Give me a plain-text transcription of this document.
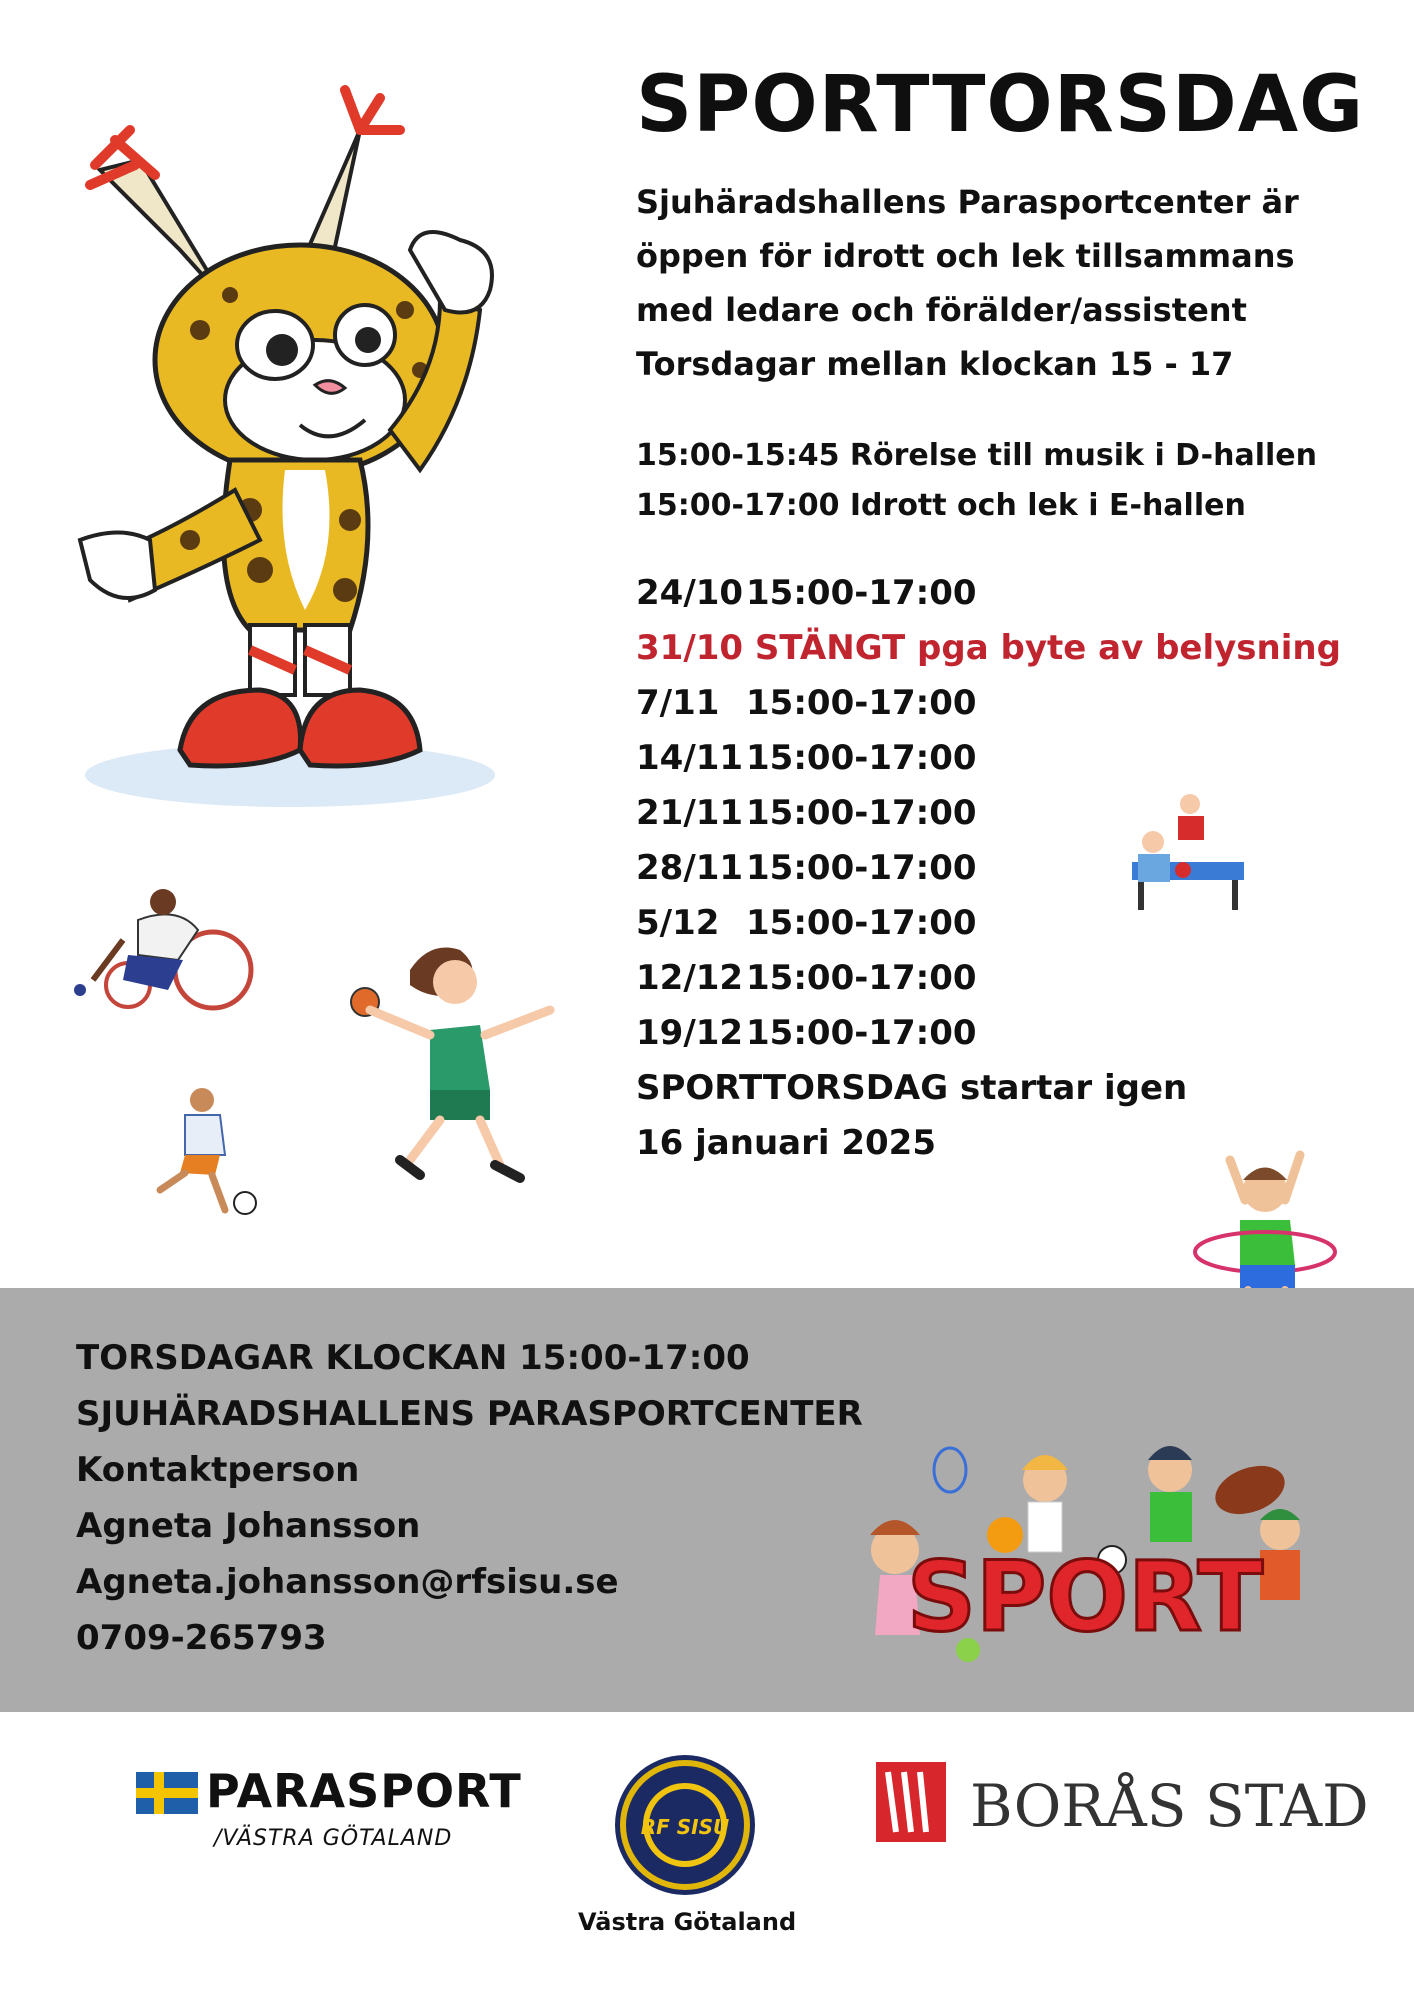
SPORTTORSDAG
Sjuhäradshallens Parasportcenter är
öppen för idrott och lek tillsammans
med ledare och förälder/assistent
Torsdagar mellan klockan 15 - 17
15:00-15:45 Rörelse till musik i D-hallen
15:00-17:00 Idrott och lek i E-hallen
24/1015:00-17:00
31/10 STÄNGT pga byte av belysning
7/11 15:00-17:00
14/1115:00-17:00
21/1115:00-17:00
28/1115:00-17:00
5/12 15:00-17:00
12/1215:00-17:00
19/1215:00-17:00
SPORTTORSDAG startar igen
16 januari 2025
TORSDAGAR KLOCKAN 15:00-17:00
SJUHÄRADSHALLENS PARASPORTCENTER
Kontaktperson
Agneta Johansson
Agneta.johansson@rfsisu.se
0709-265793	SPORT
PARASPORT
/VÄSTRA GÖTALAND	RF SISU
Västra Götaland
BORÅS STAD
